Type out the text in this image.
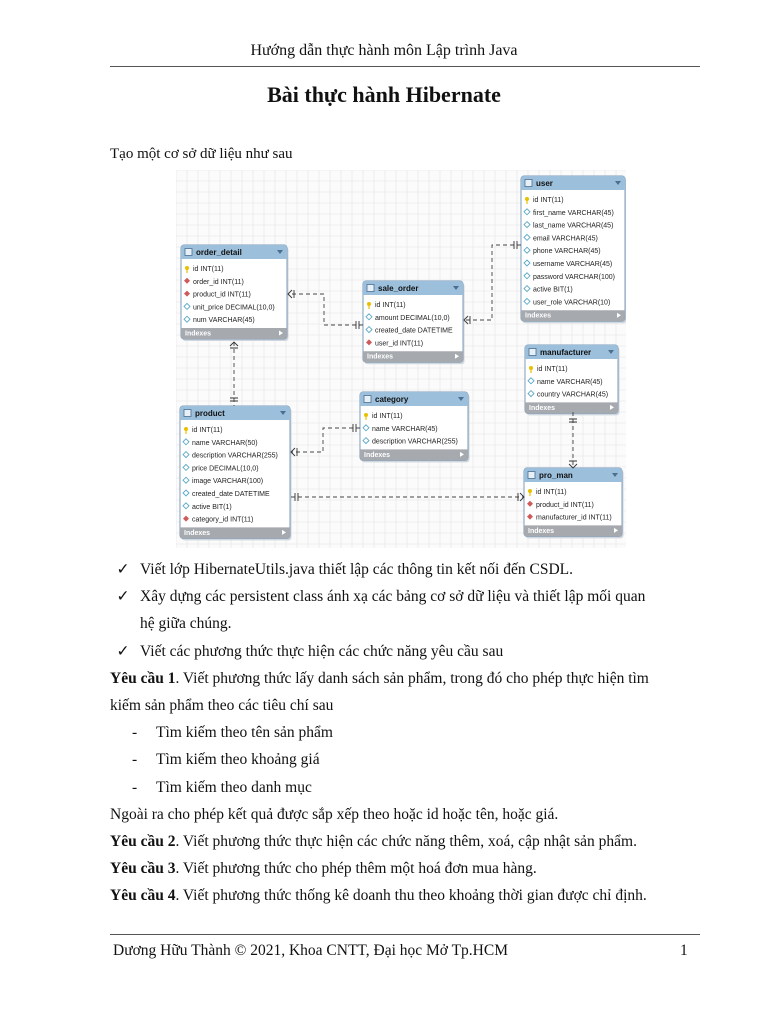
Hướng dẫn thực hành môn Lập trình Java
Bài thực hành Hibernate
Tạo một cơ sở dữ liệu như sau
user
id INT(11)
first_name VARCHAR(45)
last_name VARCHAR(45)
email VARCHAR(45)
phone VARCHAR(45)
username VARCHAR(45)
password VARCHAR(100)
active BIT(1)
user_role VARCHAR(10)
Indexes
order_detail
id INT(11)
order_id INT(11)
product_id INT(11)
unit_price DECIMAL(10,0)
num VARCHAR(45)
Indexes
sale_order
id INT(11)
amount DECIMAL(10,0)
created_date DATETIME
user_id INT(11)
Indexes
manufacturer
id INT(11)
name VARCHAR(45)
country VARCHAR(45)
Indexes
product
id INT(11)
name VARCHAR(50)
description VARCHAR(255)
price DECIMAL(10,0)
image VARCHAR(100)
created_date DATETIME
active BIT(1)
category_id INT(11)
Indexes
category
id INT(11)
name VARCHAR(45)
description VARCHAR(255)
Indexes
pro_man
id INT(11)
product_id INT(11)
manufacturer_id INT(11)
Indexes
✓ Viết lớp HibernateUtils.java thiết lập các thông tin kết nối đến CSDL.
✓ Xây dựng các persistent class ánh xạ các bảng cơ sở dữ liệu và thiết lập mối quan
hệ giữa chúng.
✓ Viết các phương thức thực hiện các chức năng yêu cầu sau
Yêu cầu 1. Viết phương thức lấy danh sách sản phẩm, trong đó cho phép thực hiện tìm
kiếm sản phẩm theo các tiêu chí sau
- Tìm kiếm theo tên sản phẩm
- Tìm kiếm theo khoảng giá
- Tìm kiếm theo danh mục
Ngoài ra cho phép kết quả được sắp xếp theo hoặc id hoặc tên, hoặc giá.
Yêu cầu 2. Viết phương thức thực hiện các chức năng thêm, xoá, cập nhật sản phẩm.
Yêu cầu 3. Viết phương thức cho phép thêm một hoá đơn mua hàng.
Yêu cầu 4. Viết phương thức thống kê doanh thu theo khoảng thời gian được chỉ định.
Dương Hữu Thành © 2021, Khoa CNTT, Đại học Mở Tp.HCM	1
